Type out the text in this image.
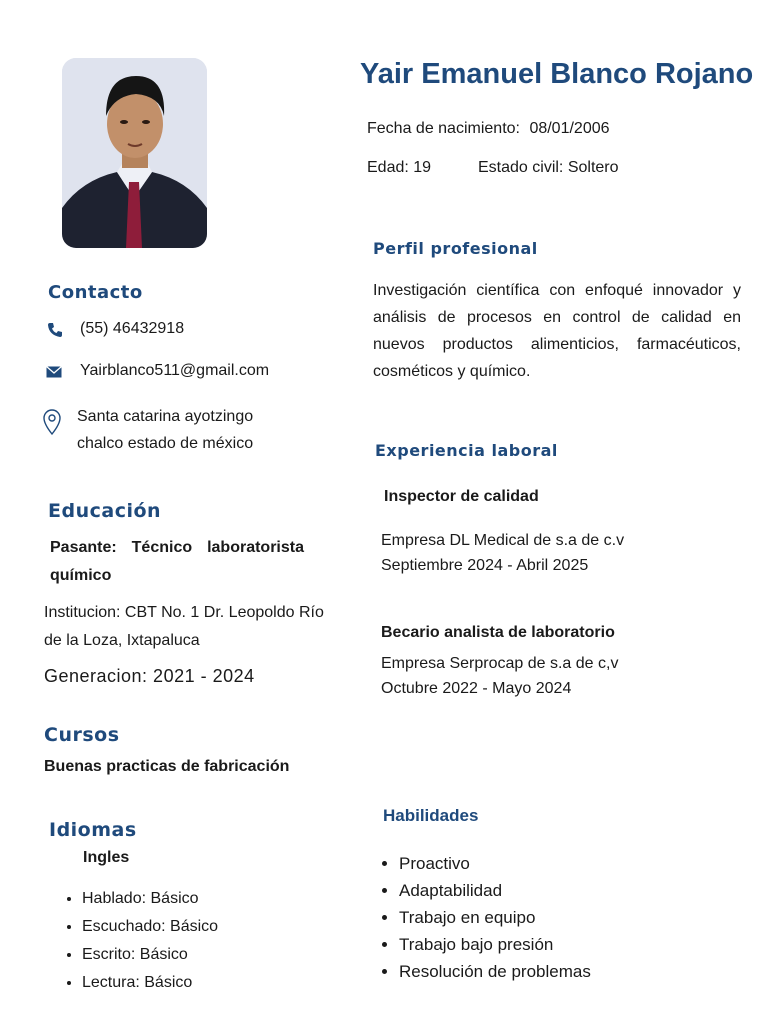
Yair Emanuel Blanco Rojano
Fecha de nacimiento: 08/01/2006
Edad: 19	Estado civil: Soltero
Contacto
(55) 46432918
Yairblanco511@gmail.com
Santa catarina ayotzingo
chalco estado de méxico
Educación
Pasante: Técnico laboratorista químico
Institucion: CBT No. 1 Dr. Leopoldo Río de la Loza, Ixtapaluca
Generacion: 2021 - 2024
Cursos
Buenas practicas de fabricación
Idiomas
Ingles
• Hablado: Básico
• Escuchado: Básico
• Escrito: Básico
• Lectura: Básico
Perfil profesional
Investigación científica con enfoqué innovador y análisis de procesos en control de calidad en nuevos productos alimenticios, farmacéuticos, cosméticos y químico.
Experiencia laboral
Inspector de calidad
Empresa DL Medical de s.a de c.v
Septiembre 2024 - Abril 2025
Becario analista de laboratorio
Empresa Serprocap de s.a de c,v
Octubre 2022 - Mayo 2024
Habilidades
• Proactivo
• Adaptabilidad
• Trabajo en equipo
• Trabajo bajo presión
• Resolución de problemas
